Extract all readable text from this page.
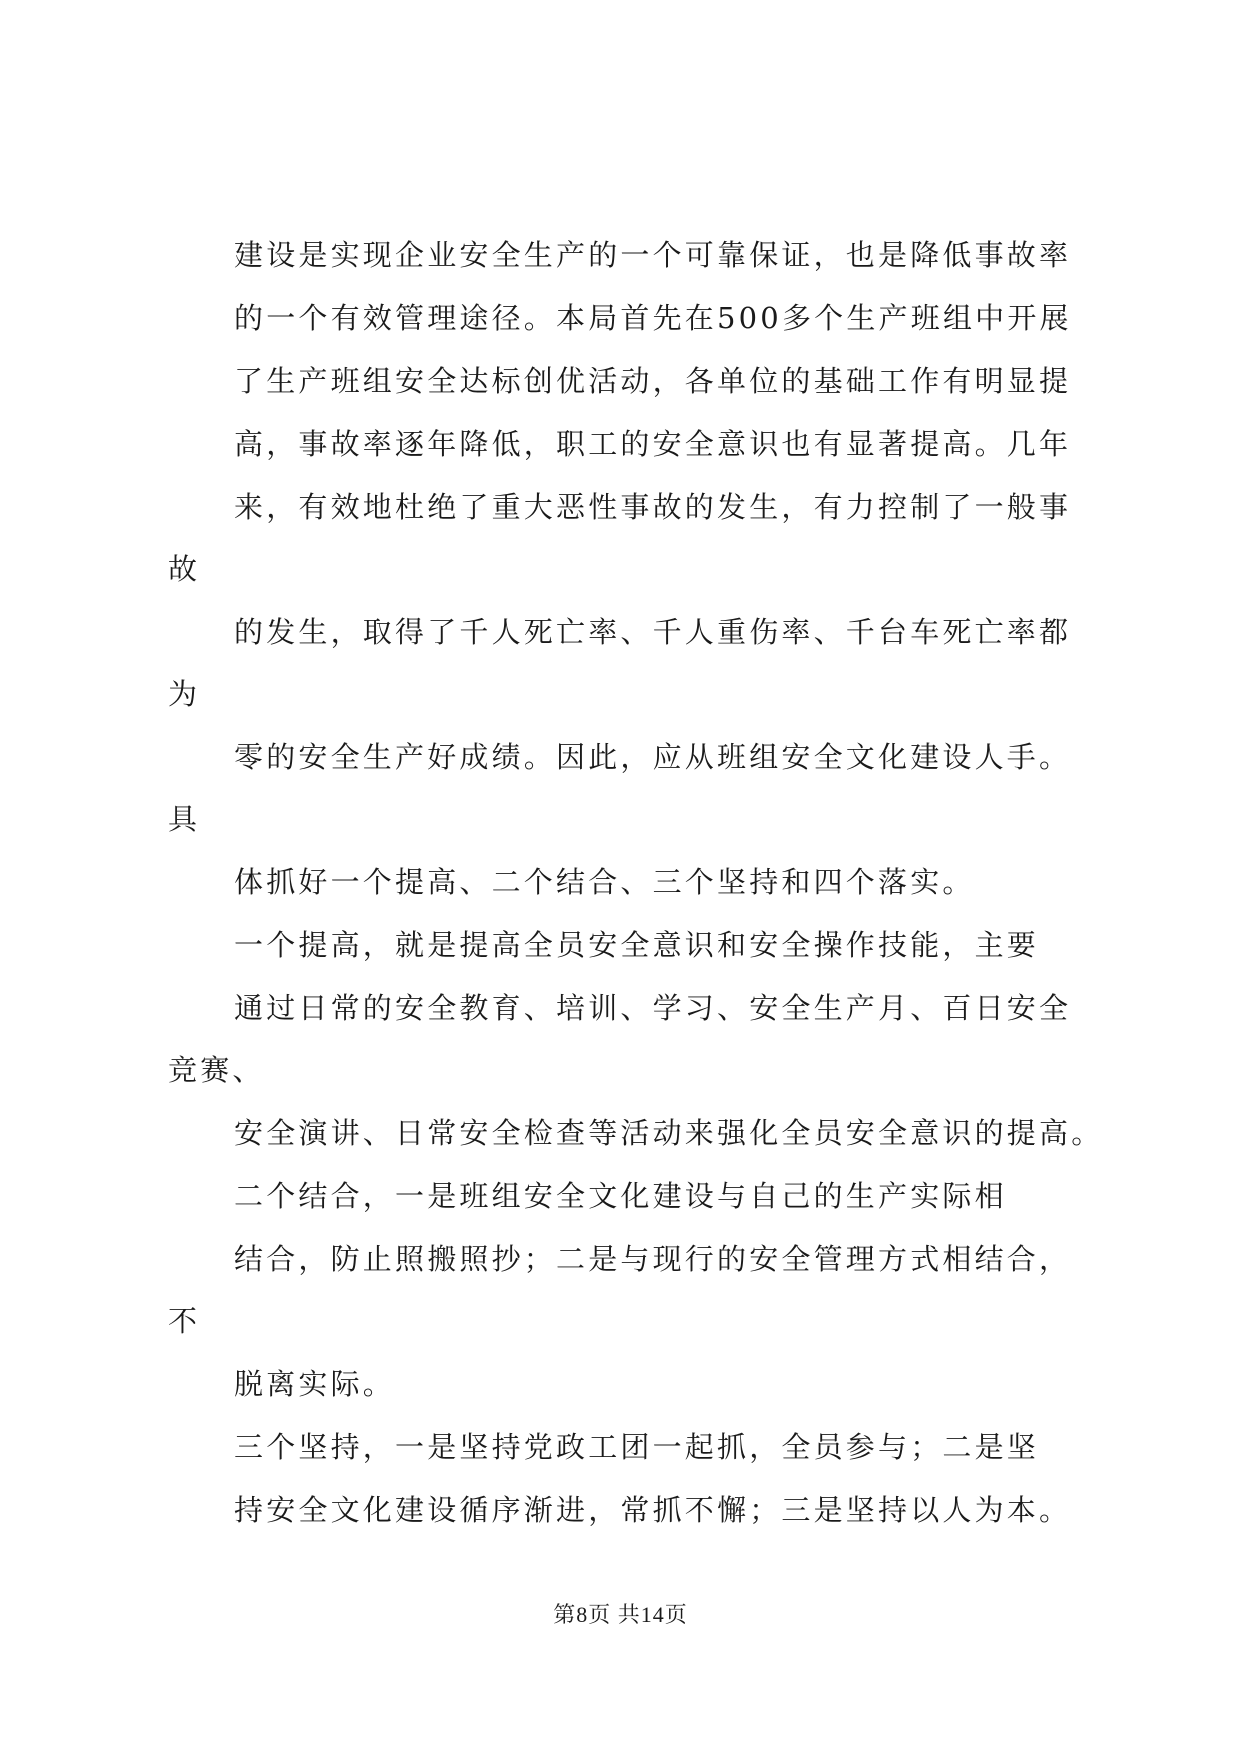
建设是实现企业安全生产的一个可靠保证，也是降低事故率
的一个有效管理途径。本局首先在500多个生产班组中开展
了生产班组安全达标创优活动，各单位的基础工作有明显提
高，事故率逐年降低，职工的安全意识也有显著提高。几年
来，有效地杜绝了重大恶性事故的发生，有力控制了一般事
故
的发生，取得了千人死亡率、千人重伤率、千台车死亡率都
为
零的安全生产好成绩。因此，应从班组安全文化建设人手。
具
体抓好一个提高、二个结合、三个坚持和四个落实。
一个提高，就是提高全员安全意识和安全操作技能，主要
通过日常的安全教育、培训、学习、安全生产月、百日安全
竞赛、
安全演讲、日常安全检查等活动来强化全员安全意识的提高。
二个结合，一是班组安全文化建设与自己的生产实际相
结合，防止照搬照抄；二是与现行的安全管理方式相结合，
不
脱离实际。
三个坚持，一是坚持党政工团一起抓，全员参与；二是坚
持安全文化建设循序渐进，常抓不懈；三是坚持以人为本。
第8页 共14页
